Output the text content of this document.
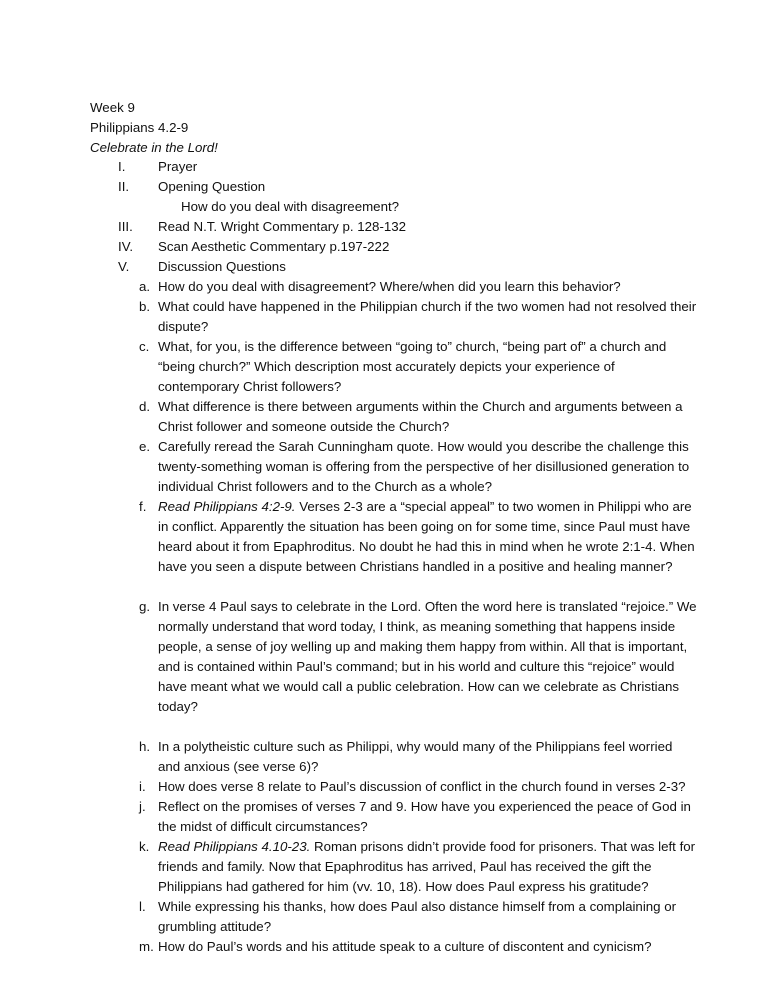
Week 9
Philippians 4.2-9
Celebrate in the Lord!
I. Prayer
II. Opening Question
How do you deal with disagreement?
III. Read N.T. Wright Commentary p. 128-132
IV. Scan Aesthetic Commentary p.197-222
V. Discussion Questions
a. How do you deal with disagreement? Where/when did you learn this behavior?
b. What could have happened in the Philippian church if the two women had not resolved their dispute?
c. What, for you, is the difference between “going to” church, “being part of” a church and “being church?” Which description most accurately depicts your experience of contemporary Christ followers?
d. What difference is there between arguments within the Church and arguments between a Christ follower and someone outside the Church?
e. Carefully reread the Sarah Cunningham quote. How would you describe the challenge this twenty-something woman is offering from the perspective of her disillusioned generation to individual Christ followers and to the Church as a whole?
f. Read Philippians 4:2-9. Verses 2-3 are a “special appeal” to two women in Philippi who are in conflict. Apparently the situation has been going on for some time, since Paul must have heard about it from Epaphroditus. No doubt he had this in mind when he wrote 2:1-4. When have you seen a dispute between Christians handled in a positive and healing manner?
g. In verse 4 Paul says to celebrate in the Lord. Often the word here is translated “rejoice.” We normally understand that word today, I think, as meaning something that happens inside people, a sense of joy welling up and making them happy from within. All that is important, and is contained within Paul’s command; but in his world and culture this “rejoice” would have meant what we would call a public celebration. How can we celebrate as Christians today?
h. In a polytheistic culture such as Philippi, why would many of the Philippians feel worried and anxious (see verse 6)?
i. How does verse 8 relate to Paul’s discussion of conflict in the church found in verses 2-3?
j. Reflect on the promises of verses 7 and 9. How have you experienced the peace of God in the midst of difficult circumstances?
k. Read Philippians 4.10-23. Roman prisons didn’t provide food for prisoners. That was left for friends and family. Now that Epaphroditus has arrived, Paul has received the gift the Philippians had gathered for him (vv. 10, 18). How does Paul express his gratitude?
l. While expressing his thanks, how does Paul also distance himself from a complaining or grumbling attitude?
m. How do Paul’s words and his attitude speak to a culture of discontent and cynicism?
